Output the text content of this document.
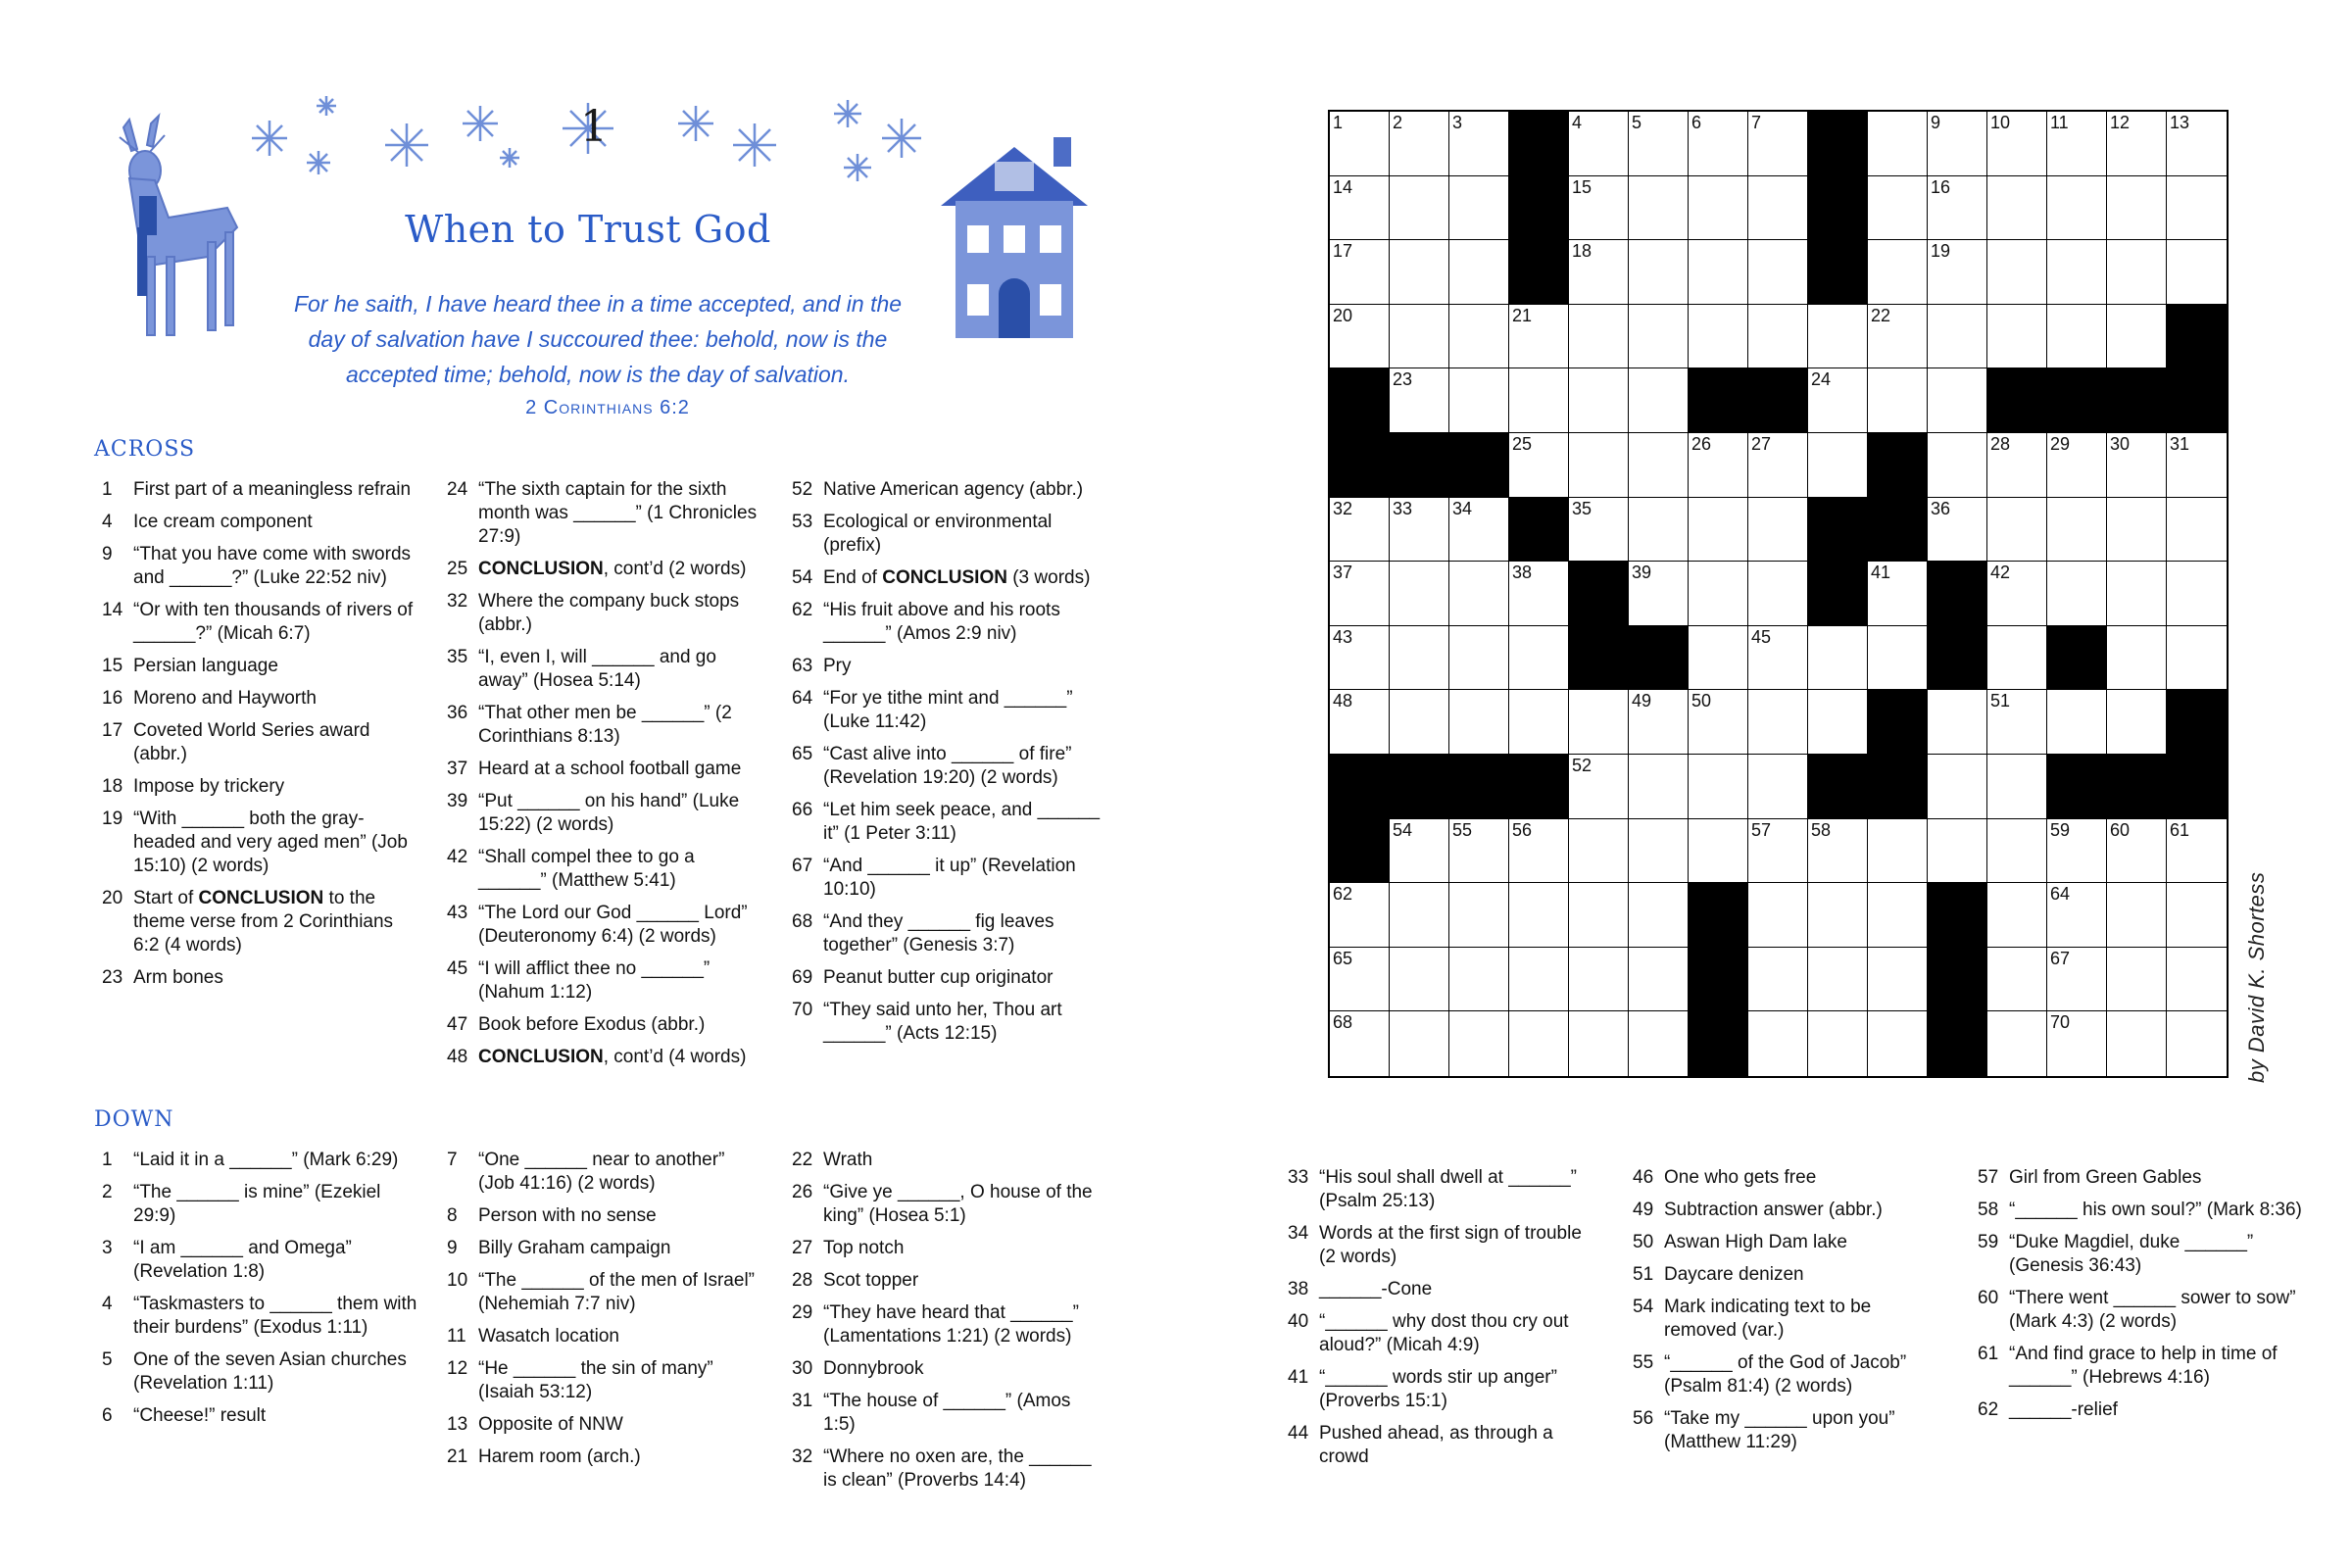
1
When to Trust God
For he saith, I have heard thee in a time accepted, and in the day of salvation have I succoured thee: behold, now is the accepted time; behold, now is the day of salvation.
2 Corinthians 6:2
ACROSS
1	First part of a meaningless refrain
4	Ice cream component
9	“That you have come with swords and ______?” (Luke 22:52 niv)
14 “Or with ten thousands of rivers of ______?” (Micah 6:7)
15 Persian language
16 Moreno and Hayworth
17 Coveted World Series award (abbr.)
18 Impose by trickery
19 “With ______ both the gray-headed and very aged men” (Job 15:10) (2 words)
20 Start of CONCLUSION to the theme verse from 2 Corinthians 6:2 (4 words)
23 Arm bones
24 “The sixth captain for the sixth month was ______” (1 Chronicles 27:9)
25 CONCLUSION, cont’d (2 words)
32 Where the company buck stops (abbr.)
35 “I, even I, will ______ and go away” (Hosea 5:14)
36 “That other men be ______” (2 Corinthians 8:13)
37 Heard at a school football game
39 “Put ______ on his hand” (Luke 15:22) (2 words)
42 “Shall compel thee to go a ______” (Matthew 5:41)
43 “The Lord our God ______ Lord” (Deuteronomy 6:4) (2 words)
45 “I will afflict thee no ______” (Nahum 1:12)
47 Book before Exodus (abbr.)
48 CONCLUSION, cont’d (4 words)
52 Native American agency (abbr.)
53 Ecological or environmental (prefix)
54 End of CONCLUSION (3 words)
62 “His fruit above and his roots ______” (Amos 2:9 niv)
63 Pry
64 “For ye tithe mint and ______” (Luke 11:42)
65 “Cast alive into ______ of fire” (Revelation 19:20) (2 words)
66 “Let him seek peace, and ______ it” (1 Peter 3:11)
67 “And ______ it up” (Revelation 10:10)
68 “And they ______ fig leaves together” (Genesis 3:7)
69 Peanut butter cup originator
70 “They said unto her, Thou art ______” (Acts 12:15)
DOWN
1	“Laid it in a ______” (Mark 6:29)
2	“The ______ is mine” (Ezekiel 29:9)
3	“I am ______ and Omega” (Revelation 1:8)
4	“Taskmasters to ______ them with their burdens” (Exodus 1:11)
5	One of the seven Asian churches (Revelation 1:11)
6	“Cheese!” result
7	“One ______ near to another” (Job 41:16) (2 words)
8	Person with no sense
9	Billy Graham campaign
10 “The ______ of the men of Israel” (Nehemiah 7:7 niv)
11 Wasatch location
12 “He ______ the sin of many” (Isaiah 53:12)
13 Opposite of NNW
21 Harem room (arch.)
22 Wrath
26 “Give ye ______, O house of the king” (Hosea 5:1)
27 Top notch
28 Scot topper
29 “They have heard that ______” (Lamentations 1:21) (2 words)
30 Donnybrook
31 “The house of ______” (Amos 1:5)
32 “Where no oxen are, the ______ is clean” (Proverbs 14:4)
33 “His soul shall dwell at ______” (Psalm 25:13)
34 Words at the first sign of trouble (2 words)
38 ______-Cone
40 “______ why dost thou cry out aloud?” (Micah 4:9)
41 “______ words stir up anger” (Proverbs 15:1)
44 Pushed ahead, as through a crowd
46 One who gets free
49 Subtraction answer (abbr.)
50 Aswan High Dam lake
51 Daycare denizen
54 Mark indicating text to be removed (var.)
55 “______ of the God of Jacob” (Psalm 81:4) (2 words)
56 “Take my ______ upon you” (Matthew 11:29)
57 Girl from Green Gables
58 “______ his own soul?” (Mark 8:36)
59 “Duke Magdiel, duke ______” (Genesis 36:43)
60 “There went ______ sower to sow” (Mark 4:3) (2 words)
61 “And find grace to help in time of ______” (Hebrews 4:16)
62 ______-relief
1	2	3	4	5	6	7	9	10 11 12 13
14	15	16
17	18	19
20	21	22
23	24
25	26 27	28 29 30 31
32 33 34	35	36
37	38	39	41	42
43	45
48	49 50	51
52
54 55 56	57 58	59 60 61
62	64
65	67
68	70	by David K. Shortess
